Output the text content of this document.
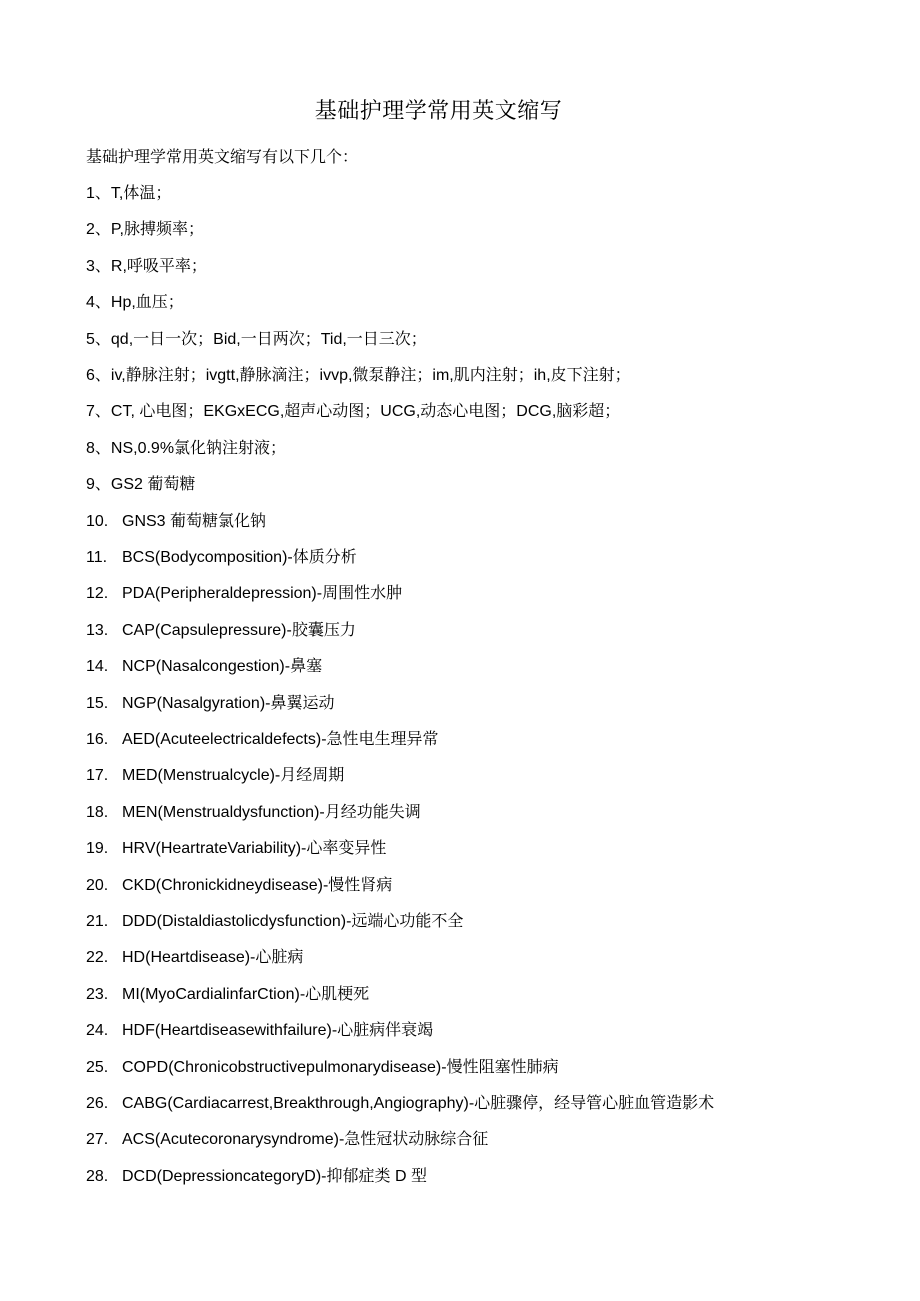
基础护理学常用英文缩写
基础护理学常用英文缩写有以下几个：
1、T,体温；
2、P,脉搏频率；
3、R,呼吸平率；
4、Hp,血压；
5、qd,一日一次；Bid,一日两次；Tid,一日三次；
6、iv,静脉注射；ivgtt,静脉滴注；ivvp,微泵静注；im,肌内注射；ih,皮下注射；
7、CT, 心电图；EKGxECG,超声心动图；UCG,动态心电图；DCG,脑彩超；
8、NS,0.9%氯化钠注射液；
9、GS2 葡萄糖
10. GNS3 葡萄糖氯化钠
11. BCS(Bodycomposition)-体质分析
12. PDA(Peripheraldepression)-周围性水肿
13. CAP(Capsulepressure)-胶囊压力
14. NCP(Nasalcongestion)-鼻塞
15. NGP(Nasalgyration)-鼻翼运动
16. AED(Acuteelectricaldefects)-急性电生理异常
17. MED(Menstrualcycle)-月经周期
18. MEN(Menstrualdysfunction)-月经功能失调
19. HRV(HeartrateVariability)-心率变异性
20. CKD(Chronickidneydisease)-慢性肾病
21. DDD(Distaldiastolicdysfunction)-远端心功能不全
22. HD(Heartdisease)-心脏病
23. MI(MyoCardialinfarCtion)-心肌梗死
24. HDF(Heartdiseasewithfailure)-心脏病伴衰竭
25. COPD(Chronicobstructivepulmonarydisease)-慢性阻塞性肺病
26. CABG(Cardiacarrest,Breakthrough,Angiography)-心脏骤停，经导管心脏血管造影术
27. ACS(Acutecoronarysyndrome)-急性冠状动脉综合征
28. DCD(DepressioncategoryD)-抑郁症类 D 型
